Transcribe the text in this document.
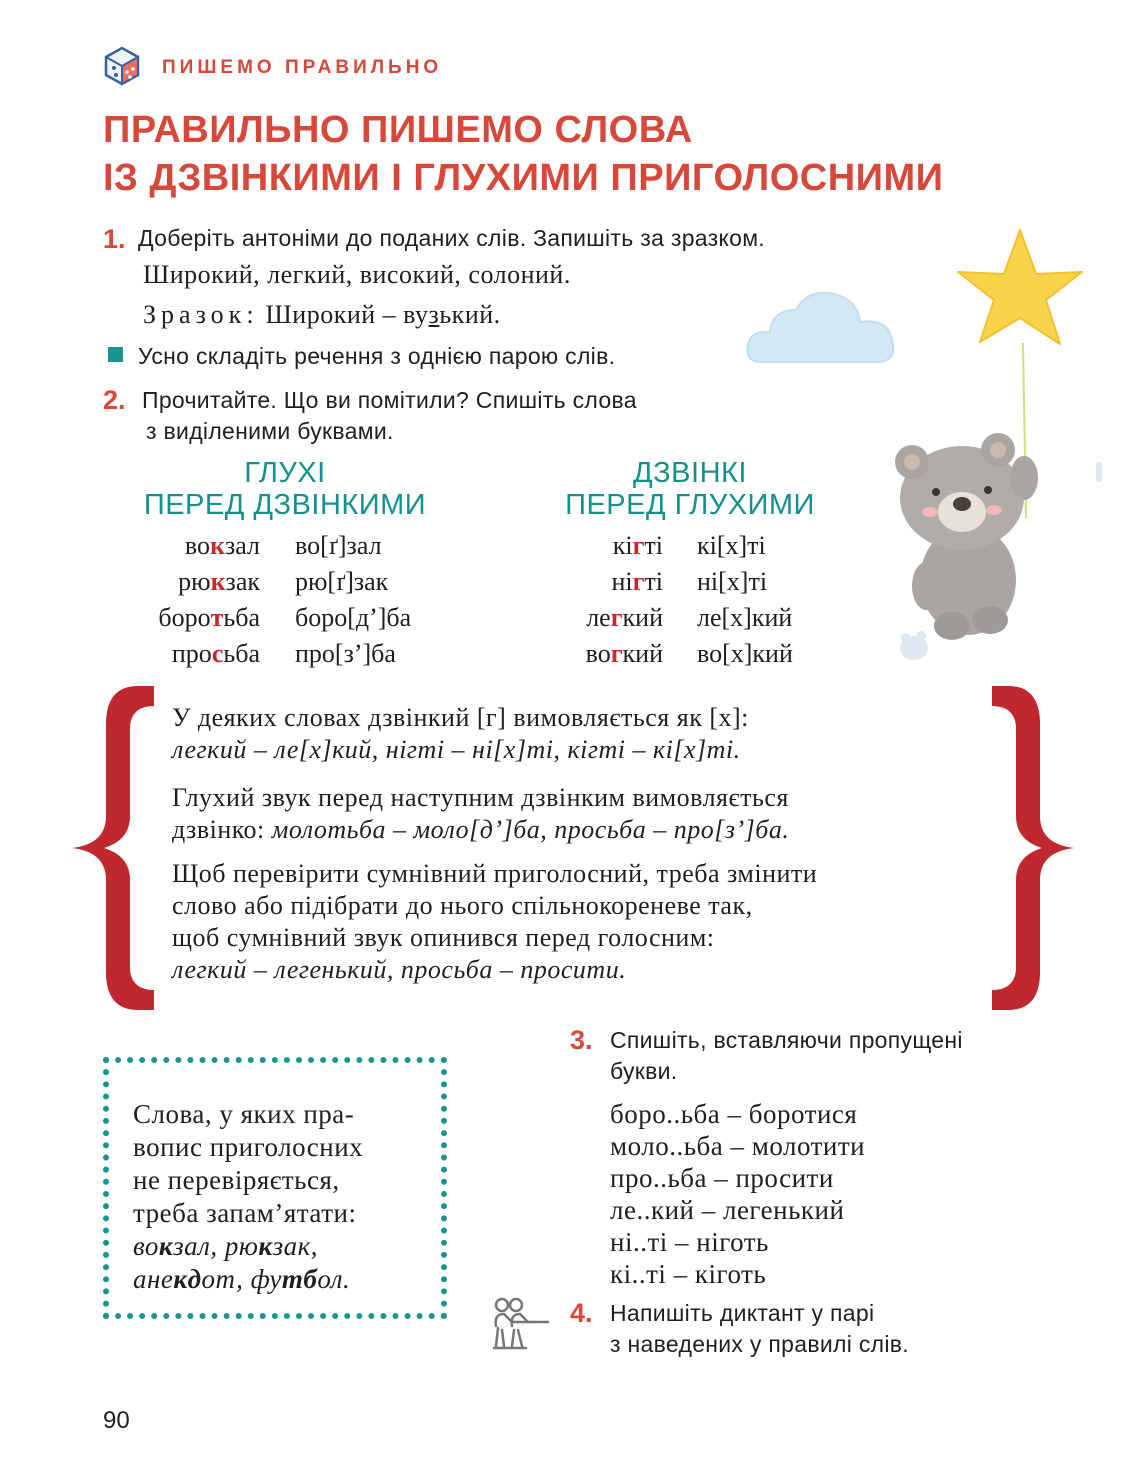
ПИШЕМО ПРАВИЛЬНО
ПРАВИЛЬНО ПИШЕМО СЛОВА
ІЗ ДЗВІНКИМИ І ГЛУХИМИ ПРИГОЛОСНИМИ
1. Доберіть антоніми до поданих слів. Запишіть за зразком.
Широкий, легкий, високий, солоний.
Зразок: Широкий – вузький.
Усно складіть речення з однією парою слів.
2. Прочитайте. Що ви помітили? Спишіть слова
з виділеними буквами.
ГЛУХІ
ПЕРЕД ДЗВІНКИМИ
ДЗВІНКІ
ПЕРЕД ГЛУХИМИ
вокзал во[ґ]зал
рюкзак рю[ґ]зак
боротьба боро[д’]ба
просьба про[з’]ба
кігті кі[х]ті
нігті ні[х]ті
легкий ле[х]кий
вогкий во[х]кий
У деяких словах дзвінкий [г] вимовляється як [х]:
легкий – ле[х]кий, нігті – ні[х]ті, кігті – кі[х]ті.
Глухий звук перед наступним дзвінким вимовляється
дзвінко: молотьба – моло[д’]ба, просьба – про[з’]ба.
Щоб перевірити сумнівний приголосний, треба змінити
слово або підібрати до нього спільнокореневе так,
щоб сумнівний звук опинився перед голосним:
легкий – легенький, просьба – просити.
Слова, у яких пра-
вопис приголосних
не перевіряється,
треба запам’ятати:
вокзал, рюкзак,
анекдот, футбол.
3. Спишіть, вставляючи пропущені
букви.
боро..ьба – боротися
моло..ьба – молотити
про..ьба – просити
ле..кий – легенький
ні..ті – ніготь
кі..ті – кіготь
4. Напишіть диктант у парі
з наведених у правилі слів.
90
